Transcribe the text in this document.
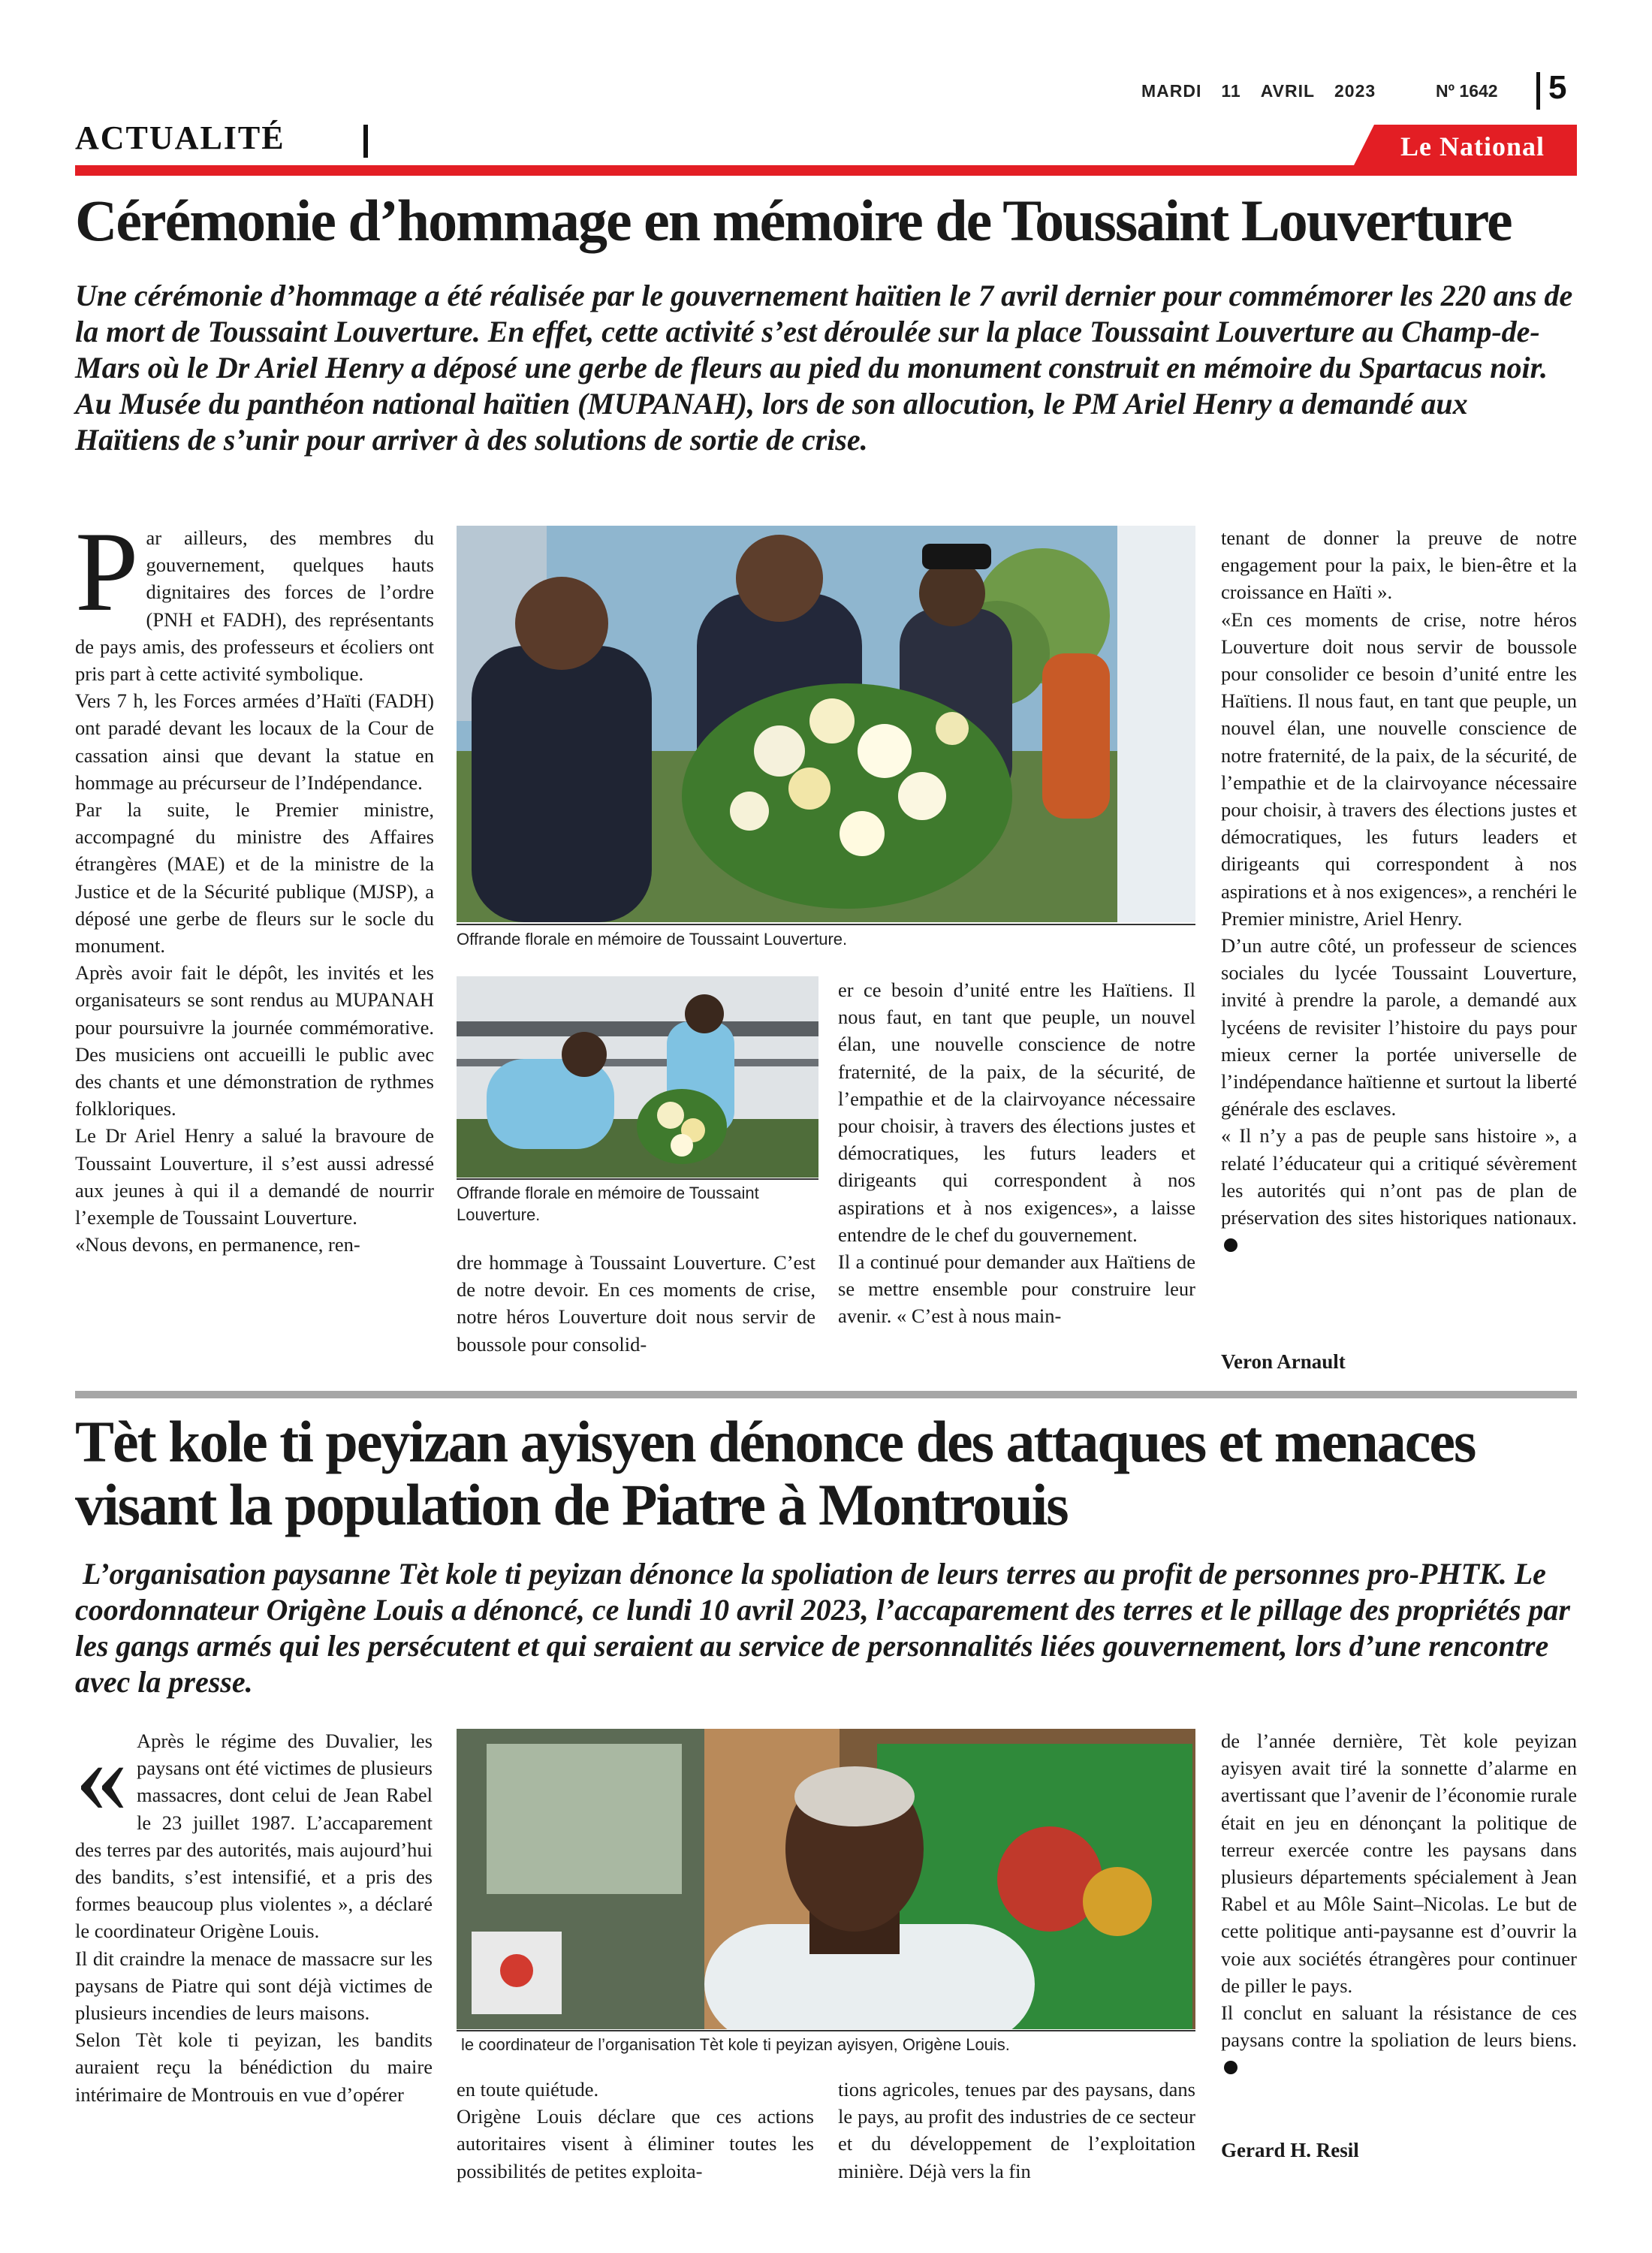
MARDI 11 AVRIL 2023	Nº 1642 5
ACTUALITÉ	Le National
Cérémonie d’hommage en mémoire de Toussaint Louverture
Une cérémonie d’hommage a été réalisée par le gouvernement haïtien le 7 avril dernier pour commémorer les 220 ans de la mort de Toussaint Louverture. En effet, cette activité s’est déroulée sur la place Toussaint Louverture au Champ-de-Mars où le Dr Ariel Henry a déposé une gerbe de fleurs au pied du monument construit en mémoire du Spartacus noir. Au Musée du panthéon national haïtien (MUPANAH), lors de son allocution, le PM Ariel Henry a demandé aux Haïtiens de s’unir pour arriver à des solutions de sortie de crise.

Par ailleurs, des membres du gouvernement, quelques hauts dignitaires des forces de l’ordre (PNH et FADH), des représentants de pays amis, des professeurs et écoliers ont pris part à cette activité symbolique.

Vers 7 h, les Forces armées d’Haïti (FADH) ont paradé devant les locaux de la Cour de cassation ainsi que devant la statue en hommage au précurseur de l’Indépendance.

Par la suite, le Premier ministre, accompagné du ministre des Affaires étrangères (MAE) et de la ministre de la Justice et de la Sécurité publique (MJSP), a déposé une gerbe de fleurs sur le socle du monument.

Après avoir fait le dépôt, les invités et les organisateurs se sont rendus au MUPANAH pour poursuivre la journée commémorative. Des musiciens ont accueilli le public avec des chants et une démonstration de rythmes folkloriques.

Le Dr Ariel Henry a salué la bravoure de Toussaint Louverture, il s’est aussi adressé aux jeunes à qui il a demandé de nourrir l’exemple de Toussaint Louverture.

«Nous devons, en permanence, ren-

Offrande florale en mémoire de Toussaint Louverture.
Offrande florale en mémoire de Toussaint Louverture.
dre hommage à Toussaint Louverture. C’est de notre devoir. En ces moments de crise, notre héros Louverture doit nous servir de boussole pour consolid-

er ce besoin d’unité entre les Haïtiens. Il nous faut, en tant que peuple, un nouvel élan, une nouvelle conscience de notre fraternité, de la paix, de la sécurité, de l’empathie et de la clairvoyance nécessaire pour choisir, à travers des élections justes et démocratiques, les futurs leaders et dirigeants qui correspondent à nos aspirations et à nos exigences», a laisse entendre de le chef du gouvernement.

Il a continué pour demander aux Haïtiens de se mettre ensemble pour construire leur avenir. « C’est à nous main-

tenant de donner la preuve de notre engagement pour la paix, le bien-être et la croissance en Haïti ».

«En ces moments de crise, notre héros Louverture doit nous servir de boussole pour consolider ce besoin d’unité entre les Haïtiens. Il nous faut, en tant que peuple, un nouvel élan, une nouvelle conscience de notre fraternité, de la paix, de la sécurité, de l’empathie et de la clairvoyance nécessaire pour choisir, à travers des élections justes et démocratiques, les futurs leaders et dirigeants qui correspondent à nos aspirations et à nos exigences», a renchéri le Premier ministre, Ariel Henry.

D’un autre côté, un professeur de sciences sociales du lycée Toussaint Louverture, invité à prendre la parole, a demandé aux lycéens de revisiter l’histoire du pays pour mieux cerner la portée universelle de l’indépendance haïtienne et surtout la liberté générale des esclaves.

« Il n’y a pas de peuple sans histoire », a relaté l’éducateur qui a critiqué sévèrement les autorités qui n’ont pas de plan de préservation des sites historiques nationaux.

Veron Arnault
Tèt kole ti peyizan ayisyen dénonce des attaques et menaces visant la population de Piatre à Montrouis
L’organisation paysanne Tèt kole ti peyizan dénonce la spoliation de leurs terres au profit de personnes pro-PHTK. Le coordonnateur Origène Louis a dénoncé, ce lundi 10 avril 2023, l’accaparement des terres et le pillage des propriétés par les gangs armés qui les persécutent et qui seraient au service de personnalités liées gouvernement, lors d’une rencontre avec la presse.

« Après le régime des Duvalier, les paysans ont été victimes de plusieurs massacres, dont celui de Jean Rabel le 23 juillet 1987. L’accaparement des terres par des autorités, mais aujourd’hui des bandits, s’est intensifié, et a pris des formes beaucoup plus violentes », a déclaré le coordinateur Origène Louis.

Il dit craindre la menace de massacre sur les paysans de Piatre qui sont déjà victimes de plusieurs incendies de leurs maisons.

Selon Tèt kole ti peyizan, les bandits auraient reçu la bénédiction du maire intérimaire de Montrouis en vue d’opérer

le coordinateur de l’organisation Tèt kole ti peyizan ayisyen, Origène Louis.
en toute quiétude.
Origène Louis déclare que ces actions autoritaires visent à éliminer toutes les possibilités de petites exploita-
tions agricoles, tenues par des paysans, dans le pays, au profit des industries de ce secteur et du développement de l’exploitation minière. Déjà vers la fin

de l’année dernière, Tèt kole peyizan ayisyen avait tiré la sonnette d’alarme en avertissant que l’avenir de l’économie rurale était en jeu en dénonçant la politique de terreur exercée contre les paysans dans plusieurs départements spécialement à Jean Rabel et au Môle Saint–Nicolas. Le but de cette politique anti-paysanne est d’ouvrir la voie aux sociétés étrangères pour continuer de piller le pays.

Il conclut en saluant la résistance de ces paysans contre la spoliation de leurs biens.

Gerard H. Resil
